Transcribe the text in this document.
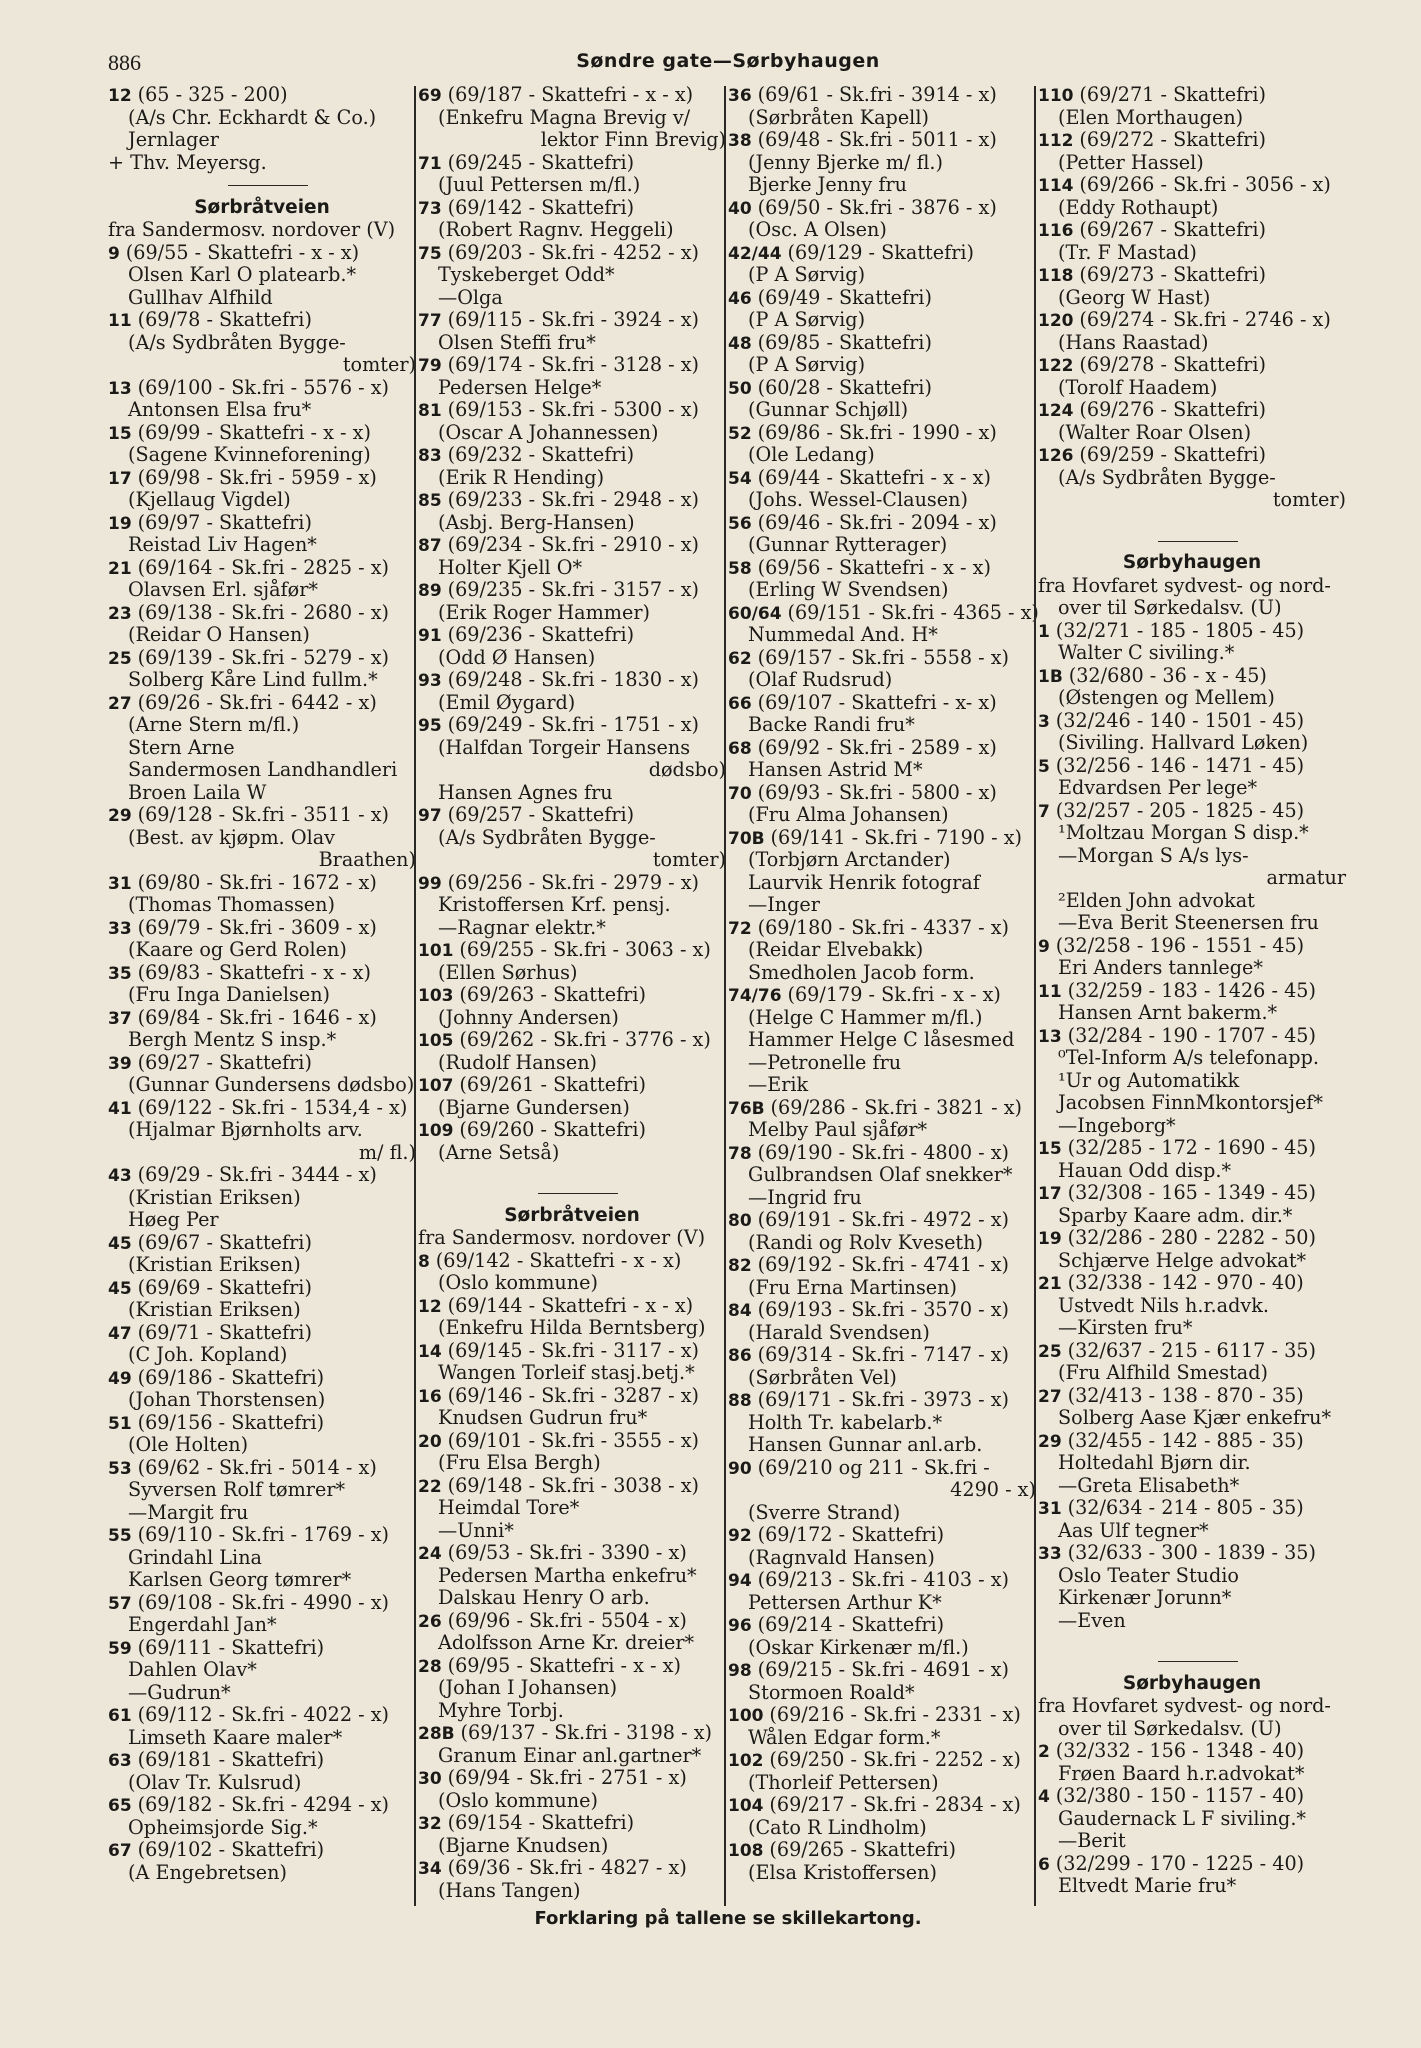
886	Søndre gate—Sørbyhaugen
12 (65 - 325 - 200)
(A/s Chr. Eckhardt & Co.)
Jernlager
+ Thv. Meyersg.
Sørbråtveien
fra Sandermosv. nordover (V)
9 (69/55 - Skattefri - x - x)
Olsen Karl O platearb.*
Gullhav Alfhild
11 (69/78 - Skattefri)
(A/s Sydbråten Bygge-
tomter)
13 (69/100 - Sk.fri - 5576 - x)
Antonsen Elsa fru*
15 (69/99 - Skattefri - x - x)
(Sagene Kvinneforening)
17 (69/98 - Sk.fri - 5959 - x)
(Kjellaug Vigdel)
19 (69/97 - Skattefri)
Reistad Liv Hagen*
21 (69/164 - Sk.fri - 2825 - x)
Olavsen Erl. sjåfør*
23 (69/138 - Sk.fri - 2680 - x)
(Reidar O Hansen)
25 (69/139 - Sk.fri - 5279 - x)
Solberg Kåre Lind fullm.*
27 (69/26 - Sk.fri - 6442 - x)
(Arne Stern m/fl.)
Stern Arne
Sandermosen Landhandleri
Broen Laila W
29 (69/128 - Sk.fri - 3511 - x)
(Best. av kjøpm. Olav
Braathen)
31 (69/80 - Sk.fri - 1672 - x)
(Thomas Thomassen)
33 (69/79 - Sk.fri - 3609 - x)
(Kaare og Gerd Rolen)
35 (69/83 - Skattefri - x - x)
(Fru Inga Danielsen)
37 (69/84 - Sk.fri - 1646 - x)
Bergh Mentz S insp.*
39 (69/27 - Skattefri)
(Gunnar Gundersens dødsbo)
41 (69/122 - Sk.fri - 1534,4 - x)
(Hjalmar Bjørnholts arv.
m/ fl.)
43 (69/29 - Sk.fri - 3444 - x)
(Kristian Eriksen)
Høeg Per
45 (69/67 - Skattefri)
(Kristian Eriksen)
45 (69/69 - Skattefri)
(Kristian Eriksen)
47 (69/71 - Skattefri)
(C Joh. Kopland)
49 (69/186 - Skattefri)
(Johan Thorstensen)
51 (69/156 - Skattefri)
(Ole Holten)
53 (69/62 - Sk.fri - 5014 - x)
Syversen Rolf tømrer*
—Margit fru
55 (69/110 - Sk.fri - 1769 - x)
Grindahl Lina
Karlsen Georg tømrer*
57 (69/108 - Sk.fri - 4990 - x)
Engerdahl Jan*
59 (69/111 - Skattefri)
Dahlen Olav*
—Gudrun*
61 (69/112 - Sk.fri - 4022 - x)
Limseth Kaare maler*
63 (69/181 - Skattefri)
(Olav Tr. Kulsrud)
65 (69/182 - Sk.fri - 4294 - x)
Opheimsjorde Sig.*
67 (69/102 - Skattefri)
(A Engebretsen)
69 (69/187 - Skattefri - x - x)
(Enkefru Magna Brevig v/
lektor Finn Brevig)
71 (69/245 - Skattefri)
(Juul Pettersen m/fl.)
73 (69/142 - Skattefri)
(Robert Ragnv. Heggeli)
75 (69/203 - Sk.fri - 4252 - x)
Tyskeberget Odd*
—Olga
77 (69/115 - Sk.fri - 3924 - x)
Olsen Steffi fru*
79 (69/174 - Sk.fri - 3128 - x)
Pedersen Helge*
81 (69/153 - Sk.fri - 5300 - x)
(Oscar A Johannessen)
83 (69/232 - Skattefri)
(Erik R Hending)
85 (69/233 - Sk.fri - 2948 - x)
(Asbj. Berg-Hansen)
87 (69/234 - Sk.fri - 2910 - x)
Holter Kjell O*
89 (69/235 - Sk.fri - 3157 - x)
(Erik Roger Hammer)
91 (69/236 - Skattefri)
(Odd Ø Hansen)
93 (69/248 - Sk.fri - 1830 - x)
(Emil Øygard)
95 (69/249 - Sk.fri - 1751 - x)
(Halfdan Torgeir Hansens
dødsbo)
Hansen Agnes fru
97 (69/257 - Skattefri)
(A/s Sydbråten Bygge-
tomter)
99 (69/256 - Sk.fri - 2979 - x)
Kristoffersen Krf. pensj.
—Ragnar elektr.*
101 (69/255 - Sk.fri - 3063 - x)
(Ellen Sørhus)
103 (69/263 - Skattefri)
(Johnny Andersen)
105 (69/262 - Sk.fri - 3776 - x)
(Rudolf Hansen)
107 (69/261 - Skattefri)
(Bjarne Gundersen)
109 (69/260 - Skattefri)
(Arne Setså)
Sørbråtveien
fra Sandermosv. nordover (V)
8 (69/142 - Skattefri - x - x)
(Oslo kommune)
12 (69/144 - Skattefri - x - x)
(Enkefru Hilda Berntsberg)
14 (69/145 - Sk.fri - 3117 - x)
Wangen Torleif stasj.betj.*
16 (69/146 - Sk.fri - 3287 - x)
Knudsen Gudrun fru*
20 (69/101 - Sk.fri - 3555 - x)
(Fru Elsa Bergh)
22 (69/148 - Sk.fri - 3038 - x)
Heimdal Tore*
—Unni*
24 (69/53 - Sk.fri - 3390 - x)
Pedersen Martha enkefru*
Dalskau Henry O arb.
26 (69/96 - Sk.fri - 5504 - x)
Adolfsson Arne Kr. dreier*
28 (69/95 - Skattefri - x - x)
(Johan I Johansen)
Myhre Torbj.
28B (69/137 - Sk.fri - 3198 - x)
Granum Einar anl.gartner*
30 (69/94 - Sk.fri - 2751 - x)
(Oslo kommune)
32 (69/154 - Skattefri)
(Bjarne Knudsen)
34 (69/36 - Sk.fri - 4827 - x)
(Hans Tangen)
36 (69/61 - Sk.fri - 3914 - x)
(Sørbråten Kapell)
38 (69/48 - Sk.fri - 5011 - x)
(Jenny Bjerke m/ fl.)
Bjerke Jenny fru
40 (69/50 - Sk.fri - 3876 - x)
(Osc. A Olsen)
42/44 (69/129 - Skattefri)
(P A Sørvig)
46 (69/49 - Skattefri)
(P A Sørvig)
48 (69/85 - Skattefri)
(P A Sørvig)
50 (60/28 - Skattefri)
(Gunnar Schjøll)
52 (69/86 - Sk.fri - 1990 - x)
(Ole Ledang)
54 (69/44 - Skattefri - x - x)
(Johs. Wessel-Clausen)
56 (69/46 - Sk.fri - 2094 - x)
(Gunnar Rytterager)
58 (69/56 - Skattefri - x - x)
(Erling W Svendsen)
60/64 (69/151 - Sk.fri - 4365 - x)
Nummedal And. H*
62 (69/157 - Sk.fri - 5558 - x)
(Olaf Rudsrud)
66 (69/107 - Skattefri - x- x)
Backe Randi fru*
68 (69/92 - Sk.fri - 2589 - x)
Hansen Astrid M*
70 (69/93 - Sk.fri - 5800 - x)
(Fru Alma Johansen)
70B (69/141 - Sk.fri - 7190 - x)
(Torbjørn Arctander)
Laurvik Henrik fotograf
—Inger
72 (69/180 - Sk.fri - 4337 - x)
(Reidar Elvebakk)
Smedholen Jacob form.
74/76 (69/179 - Sk.fri - x - x)
(Helge C Hammer m/fl.)
Hammer Helge C låsesmed
—Petronelle fru
—Erik
76B (69/286 - Sk.fri - 3821 - x)
Melby Paul sjåfør*
78 (69/190 - Sk.fri - 4800 - x)
Gulbrandsen Olaf snekker*
—Ingrid fru
80 (69/191 - Sk.fri - 4972 - x)
(Randi og Rolv Kveseth)
82 (69/192 - Sk.fri - 4741 - x)
(Fru Erna Martinsen)
84 (69/193 - Sk.fri - 3570 - x)
(Harald Svendsen)
86 (69/314 - Sk.fri - 7147 - x)
(Sørbråten Vel)
88 (69/171 - Sk.fri - 3973 - x)
Holth Tr. kabelarb.*
Hansen Gunnar anl.arb.
90 (69/210 og 211 - Sk.fri -
4290 - x)
(Sverre Strand)
92 (69/172 - Skattefri)
(Ragnvald Hansen)
94 (69/213 - Sk.fri - 4103 - x)
Pettersen Arthur K*
96 (69/214 - Skattefri)
(Oskar Kirkenær m/fl.)
98 (69/215 - Sk.fri - 4691 - x)
Stormoen Roald*
100 (69/216 - Sk.fri - 2331 - x)
Wålen Edgar form.*
102 (69/250 - Sk.fri - 2252 - x)
(Thorleif Pettersen)
104 (69/217 - Sk.fri - 2834 - x)
(Cato R Lindholm)
108 (69/265 - Skattefri)
(Elsa Kristoffersen)
110 (69/271 - Skattefri)
(Elen Morthaugen)
112 (69/272 - Skattefri)
(Petter Hassel)
114 (69/266 - Sk.fri - 3056 - x)
(Eddy Rothaupt)
116 (69/267 - Skattefri)
(Tr. F Mastad)
118 (69/273 - Skattefri)
(Georg W Hast)
120 (69/274 - Sk.fri - 2746 - x)
(Hans Raastad)
122 (69/278 - Skattefri)
(Torolf Haadem)
124 (69/276 - Skattefri)
(Walter Roar Olsen)
126 (69/259 - Skattefri)
(A/s Sydbråten Bygge-
tomter)
Sørbyhaugen
fra Hovfaret sydvest- og nord-
over til Sørkedalsv. (U)
1 (32/271 - 185 - 1805 - 45)
Walter C siviling.*
1B (32/680 - 36 - x - 45)
(Østengen og Mellem)
3 (32/246 - 140 - 1501 - 45)
(Siviling. Hallvard Løken)
5 (32/256 - 146 - 1471 - 45)
Edvardsen Per lege*
7 (32/257 - 205 - 1825 - 45)
¹Moltzau Morgan S disp.*
—Morgan S A/s lys-
armatur
²Elden John advokat
—Eva Berit Steenersen fru
9 (32/258 - 196 - 1551 - 45)
Eri Anders tannlege*
11 (32/259 - 183 - 1426 - 45)
Hansen Arnt bakerm.*
13 (32/284 - 190 - 1707 - 45)
⁰Tel-Inform A/s telefonapp.
¹Ur og Automatikk
Jacobsen FinnMkontorsjef*
—Ingeborg*
15 (32/285 - 172 - 1690 - 45)
Hauan Odd disp.*
17 (32/308 - 165 - 1349 - 45)
Sparby Kaare adm. dir.*
19 (32/286 - 280 - 2282 - 50)
Schjærve Helge advokat*
21 (32/338 - 142 - 970 - 40)
Ustvedt Nils h.r.advk.
—Kirsten fru*
25 (32/637 - 215 - 6117 - 35)
(Fru Alfhild Smestad)
27 (32/413 - 138 - 870 - 35)
Solberg Aase Kjær enkefru*
29 (32/455 - 142 - 885 - 35)
Holtedahl Bjørn dir.
—Greta Elisabeth*
31 (32/634 - 214 - 805 - 35)
Aas Ulf tegner*
33 (32/633 - 300 - 1839 - 35)
Oslo Teater Studio
Kirkenær Jorunn*
—Even
Sørbyhaugen
fra Hovfaret sydvest- og nord-
over til Sørkedalsv. (U)
2 (32/332 - 156 - 1348 - 40)
Frøen Baard h.r.advokat*
4 (32/380 - 150 - 1157 - 40)
Gaudernack L F siviling.*
—Berit
6 (32/299 - 170 - 1225 - 40)
Eltvedt Marie fru*
Forklaring på tallene se skillekartong.
